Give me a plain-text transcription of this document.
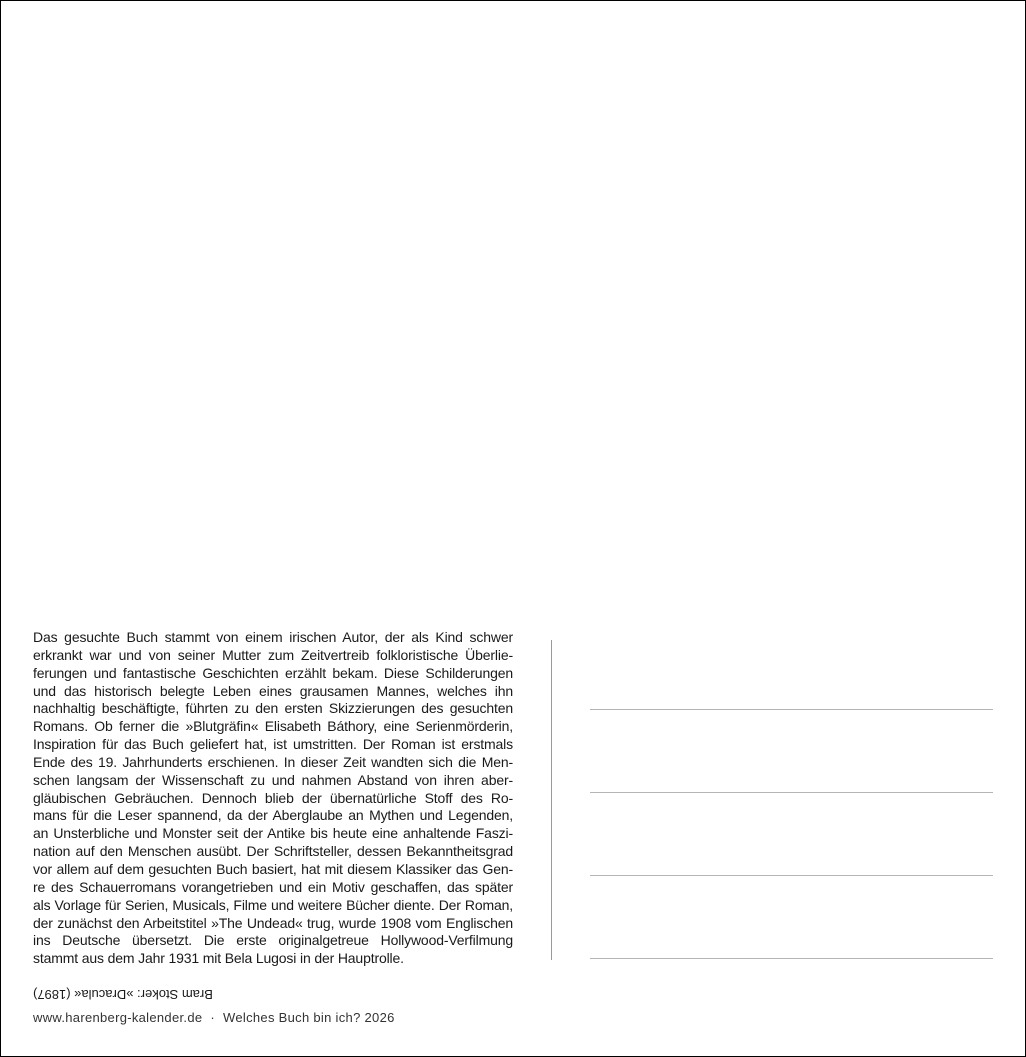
Das gesuchte Buch stammt von einem irischen Autor, der als Kind schwer
erkrankt war und von seiner Mutter zum Zeitvertreib folkloristische Überlie-
ferungen und fantastische Geschichten erzählt bekam. Diese Schilderungen
und das historisch belegte Leben eines grausamen Mannes, welches ihn
nachhaltig beschäftigte, führten zu den ersten Skizzierungen des gesuchten
Romans. Ob ferner die »Blutgräfin« Elisabeth Báthory, eine Serienmörderin,
Inspiration für das Buch geliefert hat, ist umstritten. Der Roman ist erstmals
Ende des 19. Jahrhunderts erschienen. In dieser Zeit wandten sich die Men-
schen langsam der Wissenschaft zu und nahmen Abstand von ihren aber-
gläubischen Gebräuchen. Dennoch blieb der übernatürliche Stoff des Ro-
mans für die Leser spannend, da der Aberglaube an Mythen und Legenden,
an Unsterbliche und Monster seit der Antike bis heute eine anhaltende Faszi-
nation auf den Menschen ausübt. Der Schriftsteller, dessen Bekanntheitsgrad
vor allem auf dem gesuchten Buch basiert, hat mit diesem Klassiker das Gen-
re des Schauerromans vorangetrieben und ein Motiv geschaffen, das später
als Vorlage für Serien, Musicals, Filme und weitere Bücher diente. Der Roman,
der zunächst den Arbeitstitel »The Undead« trug, wurde 1908 vom Englischen
ins Deutsche übersetzt. Die erste originalgetreue Hollywood-Verfilmung
stammt aus dem Jahr 1931 mit Bela Lugosi in der Hauptrolle.
Bram Stoker: »Dracula« (1897)
www.harenberg-kalender.de · Welches Buch bin ich? 2026
